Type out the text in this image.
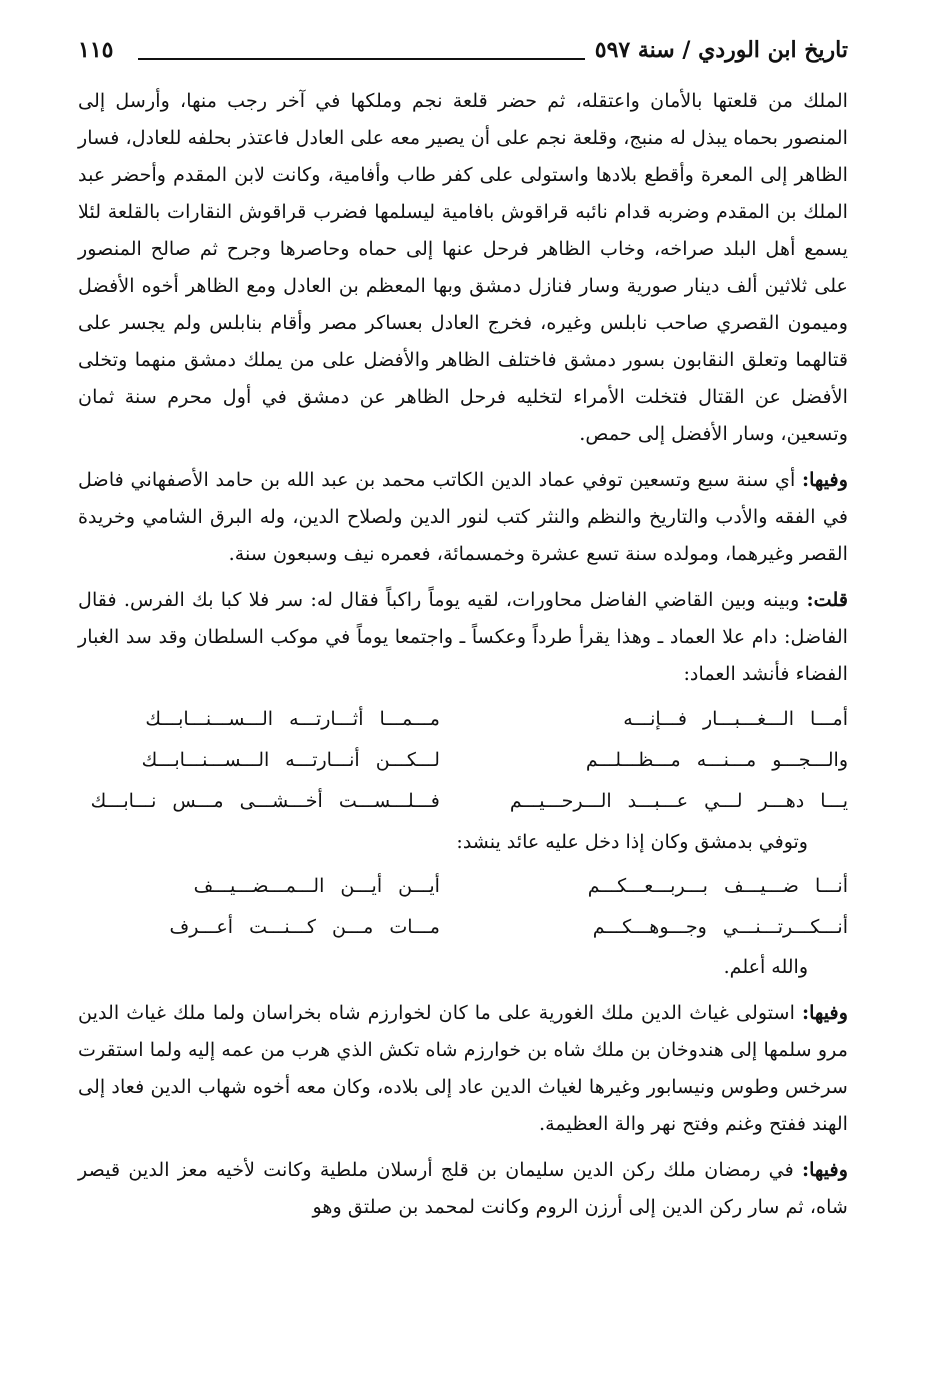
تاريخ ابن الوردي / سنة ٥٩٧
١١٥

الملك من قلعتها بالأمان واعتقله، ثم حضر قلعة نجم وملكها في آخر رجب منها، وأرسل إلى المنصور بحماه يبذل له منبج، وقلعة نجم على أن يصير معه على العادل فاعتذر بحلفه للعادل، فسار الظاهر إلى المعرة وأقطع بلادها واستولى على كفر طاب وأفامية، وكانت لابن المقدم وأحضر عبد الملك بن المقدم وضربه قدام نائبه قراقوش بافامية ليسلمها فضرب قراقوش النقارات بالقلعة لئلا يسمع أهل البلد صراخه، وخاب الظاهر فرحل عنها إلى حماه وحاصرها وجرح ثم صالح المنصور على ثلاثين ألف دينار صورية وسار فنازل دمشق وبها المعظم بن العادل ومع الظاهر أخوه الأفضل وميمون القصري صاحب نابلس وغيره، فخرج العادل بعساكر مصر وأقام بنابلس ولم يجسر على قتالهما وتعلق النقابون بسور دمشق فاختلف الظاهر والأفضل على من يملك دمشق منهما وتخلى الأفضل عن القتال فتخلت الأمراء لتخليه فرحل الظاهر عن دمشق في أول محرم سنة ثمان وتسعين، وسار الأفضل إلى حمص.

وفيها: أي سنة سبع وتسعين توفي عماد الدين الكاتب محمد بن عبد الله بن حامد الأصفهاني فاضل في الفقه والأدب والتاريخ والنظم والنثر كتب لنور الدين ولصلاح الدين، وله البرق الشامي وخريدة القصر وغيرهما، ومولده سنة تسع عشرة وخمسمائة، فعمره نيف وسبعون سنة.

قلت: وبينه وبين القاضي الفاضل محاورات، لقيه يوماً راكباً فقال له: سر فلا كبا بك الفرس. فقال الفاضل: دام علا العماد ـ وهذا يقرأ طرداً وعكساً ـ واجتمعا يوماً في موكب السلطان وقد سد الغبار الفضاء فأنشد العماد:

أمـــا الـــغـــبـــار فـــإنـــه
مـــمـــا أثـــارتـــه الـــســـنـــابـــك
والـــجـــو مـــنـــه مـــظـــلـــم
لـــكـــن أنـــارتـــه الـــســـنـــابـــك
يـــا دهـــر لـــي عـــبـــد الـــرحـــيـــم
فـــلـــســـت أخـــشـــى مـــس نـــابـــك
وتوفي بدمشق وكان إذا دخل عليه عائد ينشد:
أنـــا ضـــيـــف بـــربـــعـــكـــم
أيـــن أيـــن الـــمـــضـــيـــف
أنـــكـــرتـــنـــي وجـــوهـــكـــم
مـــات مـــن كـــنـــت أعـــرف
والله أعلم.

وفيها: استولى غياث الدين ملك الغورية على ما كان لخوارزم شاه بخراسان ولما ملك غياث الدين مرو سلمها إلى هندوخان بن ملك شاه بن خوارزم شاه تكش الذي هرب من عمه إليه ولما استقرت سرخس وطوس ونيسابور وغيرها لغياث الدين عاد إلى بلاده، وكان معه أخوه شهاب الدين فعاد إلى الهند ففتح وغنم وفتح نهر والة العظيمة.

وفيها: في رمضان ملك ركن الدين سليمان بن قلج أرسلان ملطية وكانت لأخيه معز الدين قيصر شاه، ثم سار ركن الدين إلى أرزن الروم وكانت لمحمد بن صلتق وهو
